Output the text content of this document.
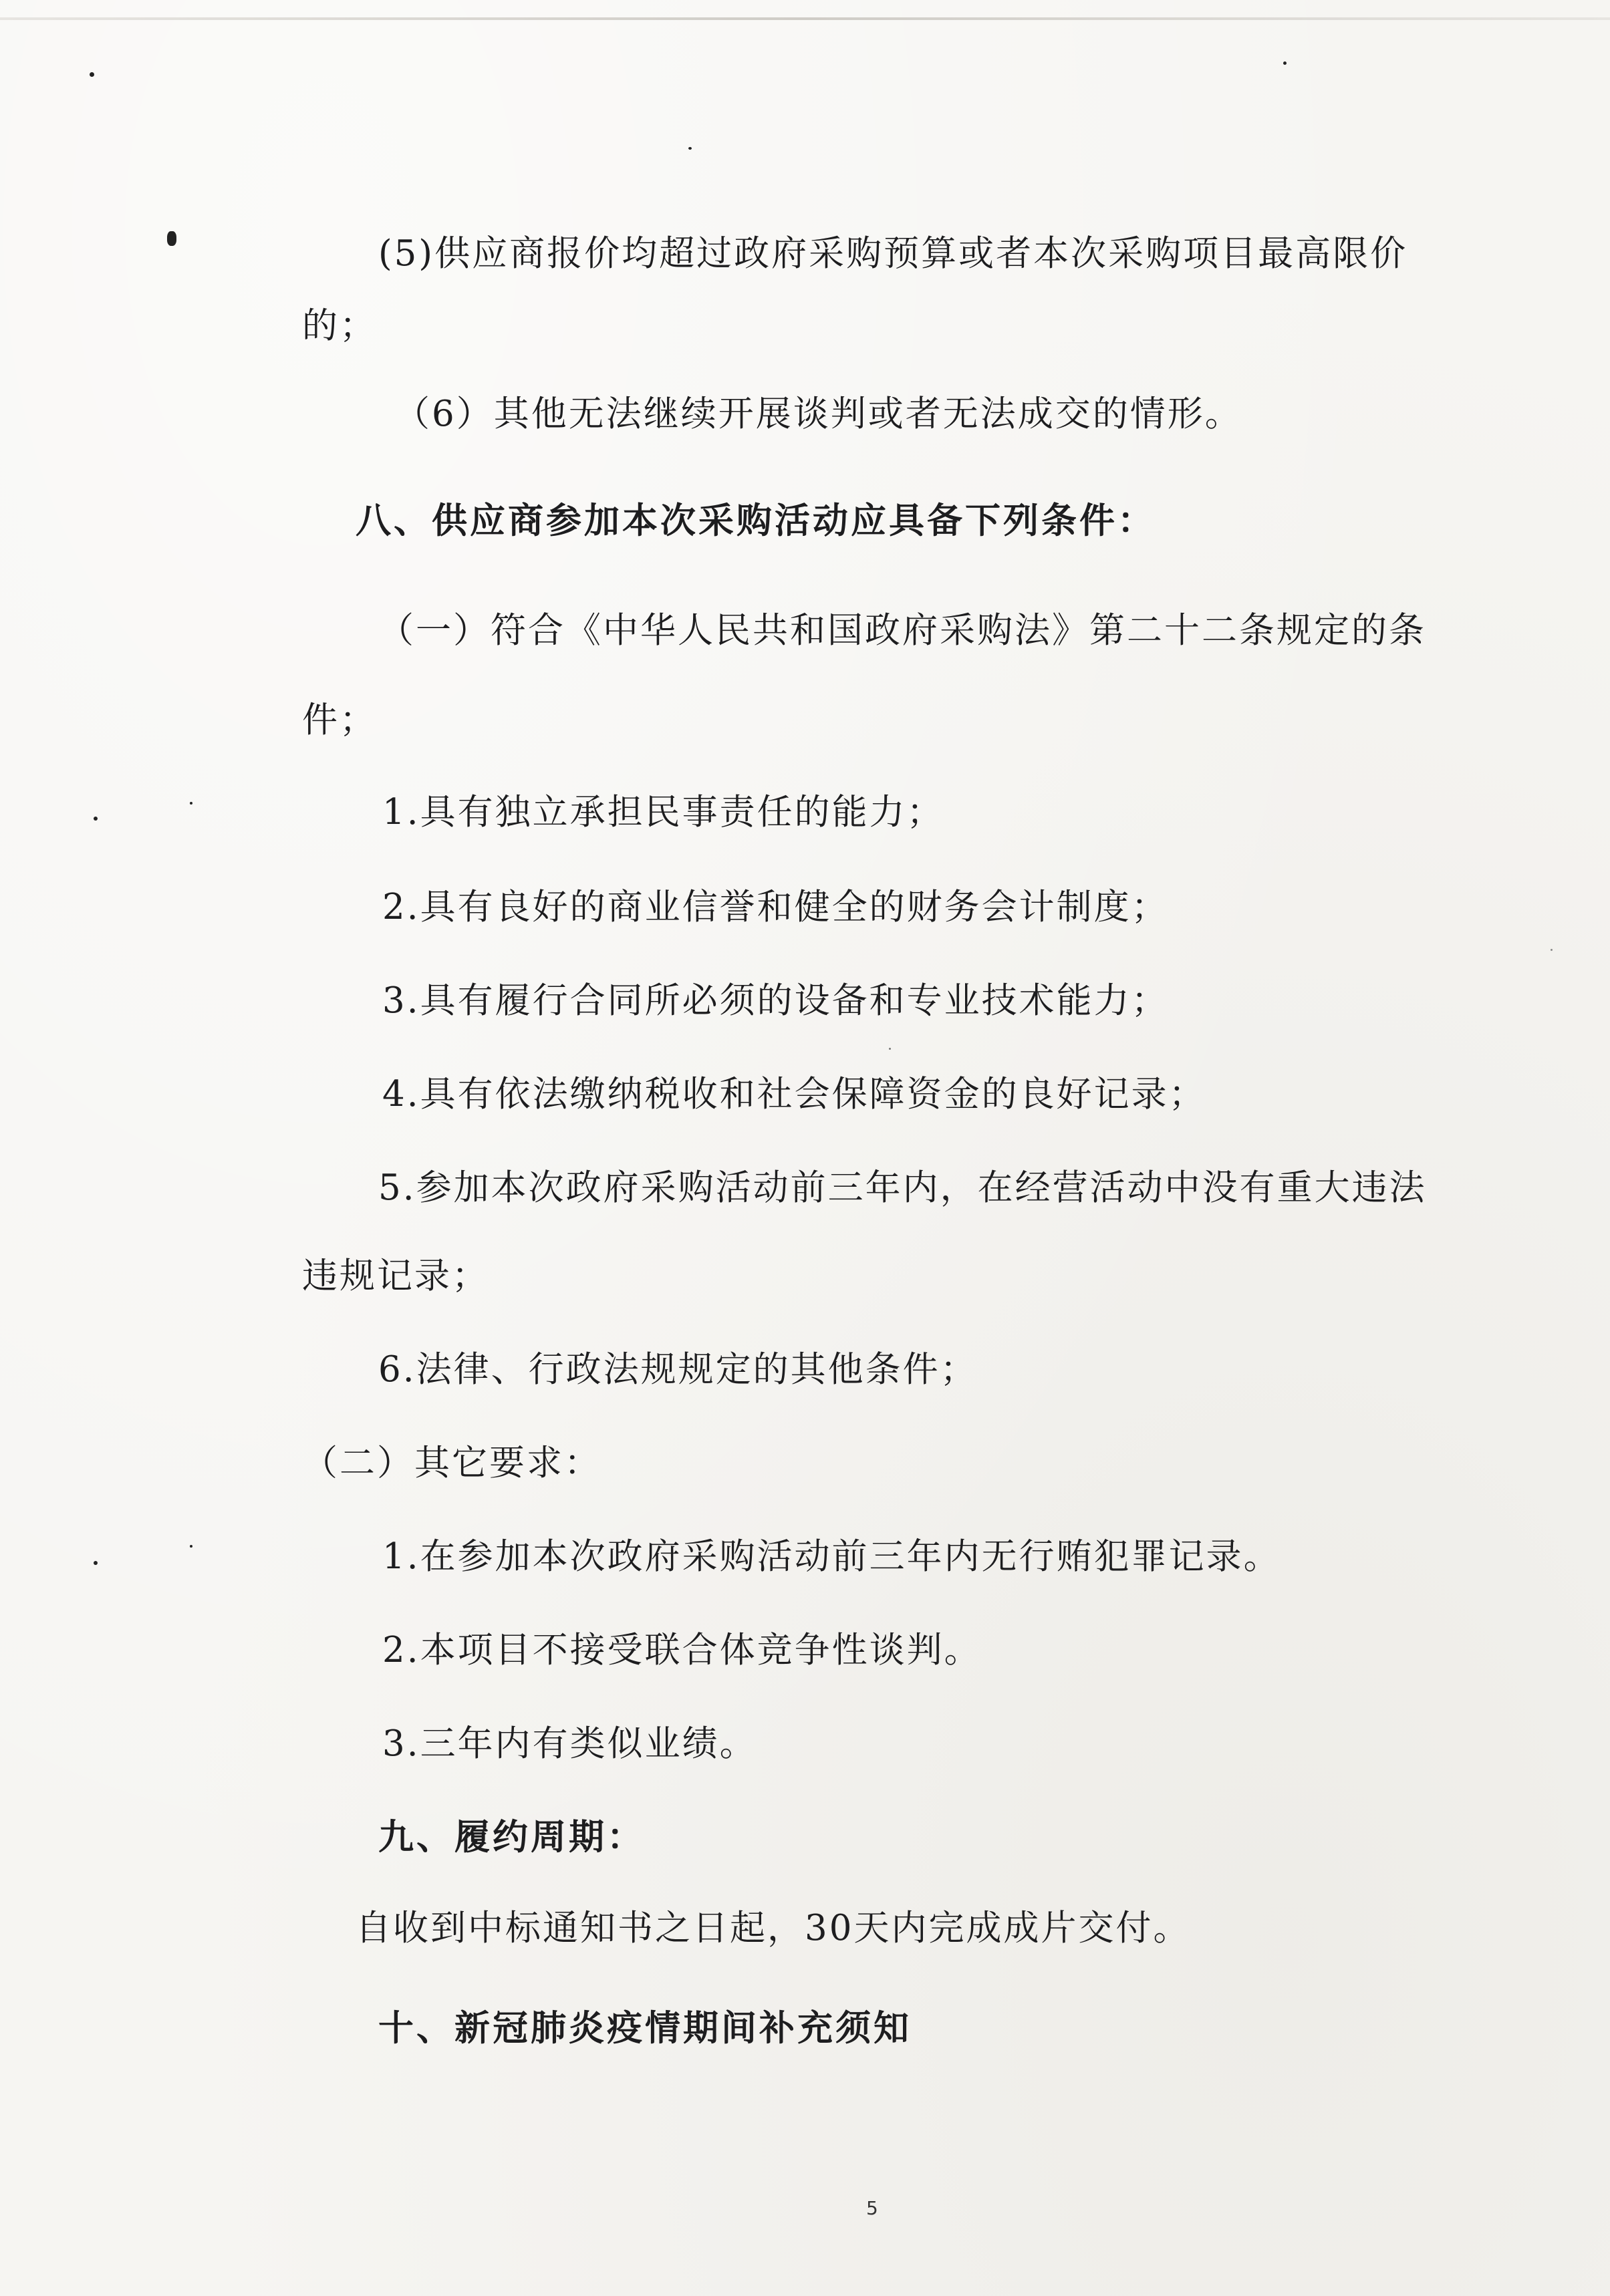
(5)供应商报价均超过政府采购预算或者本次采购项目最高限价
的；
（6）其他无法继续开展谈判或者无法成交的情形。
八、供应商参加本次采购活动应具备下列条件：
（一）符合《中华人民共和国政府采购法》第二十二条规定的条
件；
1.具有独立承担民事责任的能力；
2.具有良好的商业信誉和健全的财务会计制度；
3.具有履行合同所必须的设备和专业技术能力；
4.具有依法缴纳税收和社会保障资金的良好记录；
5.参加本次政府采购活动前三年内，在经营活动中没有重大违法
违规记录；
6.法律、行政法规规定的其他条件；
（二）其它要求：
1.在参加本次政府采购活动前三年内无行贿犯罪记录。
2.本项目不接受联合体竞争性谈判。
3.三年内有类似业绩。
九、履约周期：
自收到中标通知书之日起，30天内完成成片交付。
十、新冠肺炎疫情期间补充须知
5
